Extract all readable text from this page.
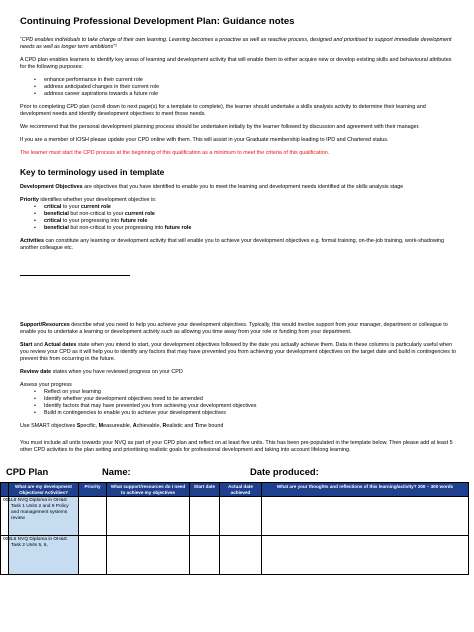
Continuing Professional Development Plan: Guidance notes

“CPD enables individuals to take charge of their own learning. Learning becomes a proactive as well as reactive process, designed and prioritised to support immediate development needs as well as longer term ambitions”¹

A CPD plan enables learners to identify key areas of learning and development activity that will enable them to either acquire new or develop existing skills and behavioural attributes for the following purposes:

• enhance performance in their current role
• address anticipated changes in their current role
• address career aspirations towards a future role

Prior to completing CPD plan (scroll down to next page(s) for a template to complete), the learner should undertake a skills analysis activity to determine their learning and development needs and identify development objectives to meet those needs.

We recommend that the personal development planning process should be undertaken initially by the learner followed by discussion and agreement with their manager.

If you are a member of IOSH please update your CPD online with them. This will assist in your Graduate membership leading to IPD and Chartered status.

The learner must start the CPD process at the beginning of this qualification as a minimum to meet the criteria of this qualification.

Key to terminology used in template

Development Objectives are objectives that you have identified to enable you to meet the learning and development needs identified at the skills analysis stage

Priority identifies whether your development objective is:

• critical to your current role
• beneficial but non-critical to your current role
• critical to your progressing into future role
• beneficial but non-critical to your progressing into future role

Activities can constitute any learning or development activity that will enable you to achieve your development objectives e.g. formal training, on-the-job training, work-shadowing another colleague etc.

Support/Resources describe what you need to help you achieve your development objectives. Typically, this would involve support from your manager, department or colleague to enable you to undertake a learning or development activity such as allowing you time away from your role or funding from your department.

Start and Actual dates state when you intend to start, your development objectives followed by the date you actually achieve them. Data in these columns is particularly useful when you review your CPD as it will help you to identify any factors that may have prevented you from achieving your development objectives on the target date and build in contingencies to prevent this from occurring in the future.

Review date states when you have reviewed progress on your CPD

Assess your progress

• Reflect on your learning
• Identify whether your development objectives need to be amended
• Identify factors that may have prevented you from achieving your development objectives
• Build in contingencies to enable you to achieve your development objectives

Use SMART objectives Specific, Measureable, Achievable, Realistic and Time bound

You must include all units towards your NVQ as part of your CPD plan and reflect on at least five units. This has been pre-populated in the template below. Then please add at least 5 other CPD activities to the plan setting and prioritising realistic goals for professional development and taking into account lifelong learning.

CPD Plan	Name:	Date produced:
	What are my development Objectives/ Activities?	Priority	What support/resources do I need to achieve my objectives	Start date	Actual date achieved	What are your thoughts and reflections of this learning/activity? 200 – 300 words
001	L6 NVQ Diploma in OH&S Task 1 Units 2 and 9 Policy and management systems review					
002	L6 NVQ Diploma in OH&S Task 2 Units 5, 6,					
